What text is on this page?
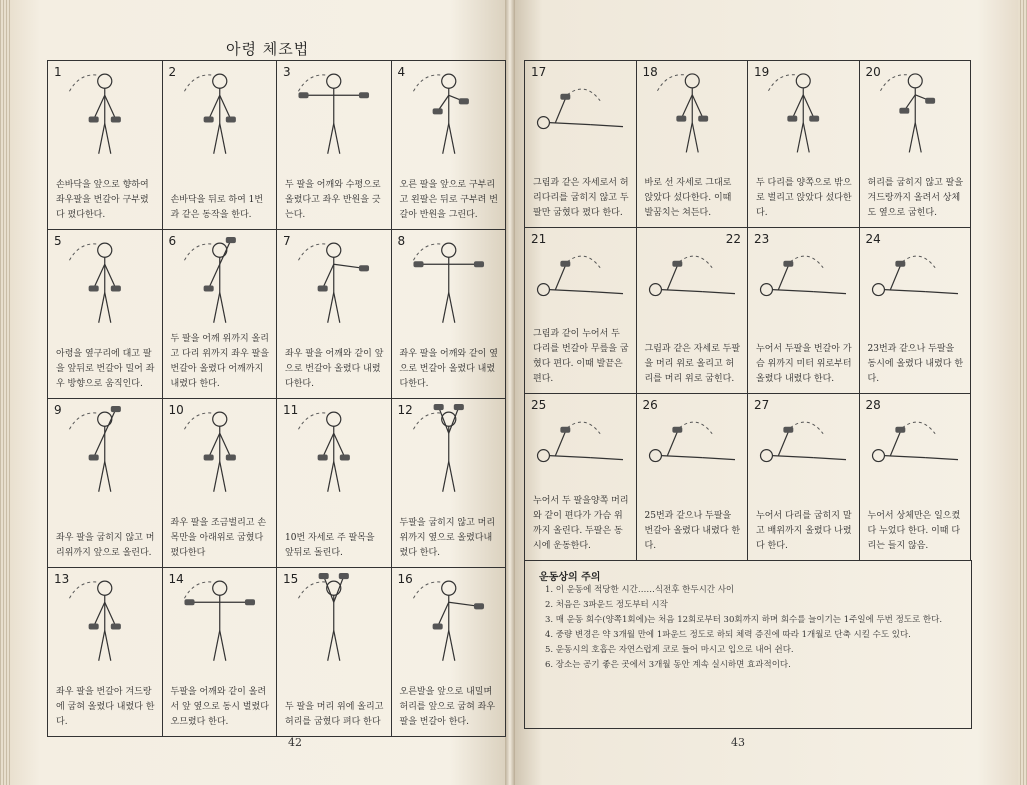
아령 체조법
1
손바닥을 앞으로 향하여 좌우팔을 번갈아 구부렸다 폈다한다.
2
손바닥을 뒤로 하여 1번과 같은 동작을 한다.
3
두 팔을 어깨와 수평으로 올렸다고 좌우 반원을 긋는다.
4
오른 팔을 앞으로 구부리고 왼팔은 뒤로 구부려 번갈아 반원을 그린다.
5
아령을 옆구리에 대고 팔을 앞뒤로 번갈아 밀어 좌우 방향으로 움직인다.
6
두 팔을 어깨 위까지 올리고 다리 위까지 좌우 팔을 번갈아 올렸다 어깨까지 내렸다 한다.
7
좌우 팔을 어깨와 같이 앞으로 번갈아 올렸다 내렸다한다.
8
좌우 팔을 어깨와 같이 옆으로 번갈아 올렸다 내렸다한다.
9
좌우 팔을 굽히지 않고 머리위까지 앞으로 올린다.
10
좌우 팔을 조금벌리고 손목만을 아래위로 굽혔다 폈다한다
11
10번 자세로 주 팔목을 앞뒤로 돌린다.
12
두팔을 굽히지 않고 머리 위까지 옆으로 올렸다내렸다 한다.
13
좌우 팔을 번갈아 겨드랑에 굽혀 올렸다 내렸다 한다.
14
두팔을 어깨와 같이 올려서 앞 옆으로 동시 벌렸다 오므렸다 한다.
15
두 팔을 머리 위에 올리고 허리를 굽혔다 펴다 한다
16
오른발을 앞으로 내밀며 허리를 앞으로 굽혀 좌우팔을 번갈아 한다.
17
그림과 같은 자세로서 허리다리를 굽히지 않고 두팔만 굽혔다 폈다 한다.
18
바로 선 자세로 그대로 앉았다 섰다한다. 이때 발꿈치는 쳐든다.
19
두 다리를 양쪽으로 밖으로 벌리고 앉았다 섰다한다.
20
허리를 굽히지 않고 팔을 겨드랑까지 올려서 상체도 옆으로 굽힌다.
21
그림과 같이 누어서 두 다리를 번갈아 무릎을 굽혔다 편다. 이때 발끝은 편다.
22
그림과 같은 자세로 두팔을 머리 위로 올리고 허리를 머리 위로 굽힌다.
23
누어서 두팔을 번갈아 가슴 위까지 미터 위로부터 올렸다 내렸다 한다.
24
23번과 같으나 두팔을 동시에 올렸다 내렸다 한다.
25
누어서 두 팔을양쪽 머리와 같이 편다가 가슴 위까지 올린다. 두팔은 동시에 운동한다.
26
25번과 같으나 두팔을 번갈아 올렸다 내렸다 한다.
27
누어서 다리를 굽히지 말고 배위까지 올렸다 나렸다 한다.
28
누어서 상체만은 일으켰다 누었다 한다. 이때 다리는 들지 않음.
운동상의 주의
1. 이 운동에 적당한 시간……식전후 한두시간 사이
2. 처음은 3파운드 정도부터 시작
3. 매 운동 회수(양쪽1회에)는 처음 12회로부터 30회까지 하며 회수를 늘이기는 1주일에 두번 정도로 한다.
4. 중량 변경은 약 3개월 만에 1파운드 정도로 하되 체력 증진에 따라 1개월로 단축 시킬 수도 있다.
5. 운동시의 호흡은 자연스럽게 코로 들어 마시고 입으로 내어 쉰다.
6. 장소는 공기 좋은 곳에서 3개월 동안 계속 실시하면 효과적이다.
42	43
